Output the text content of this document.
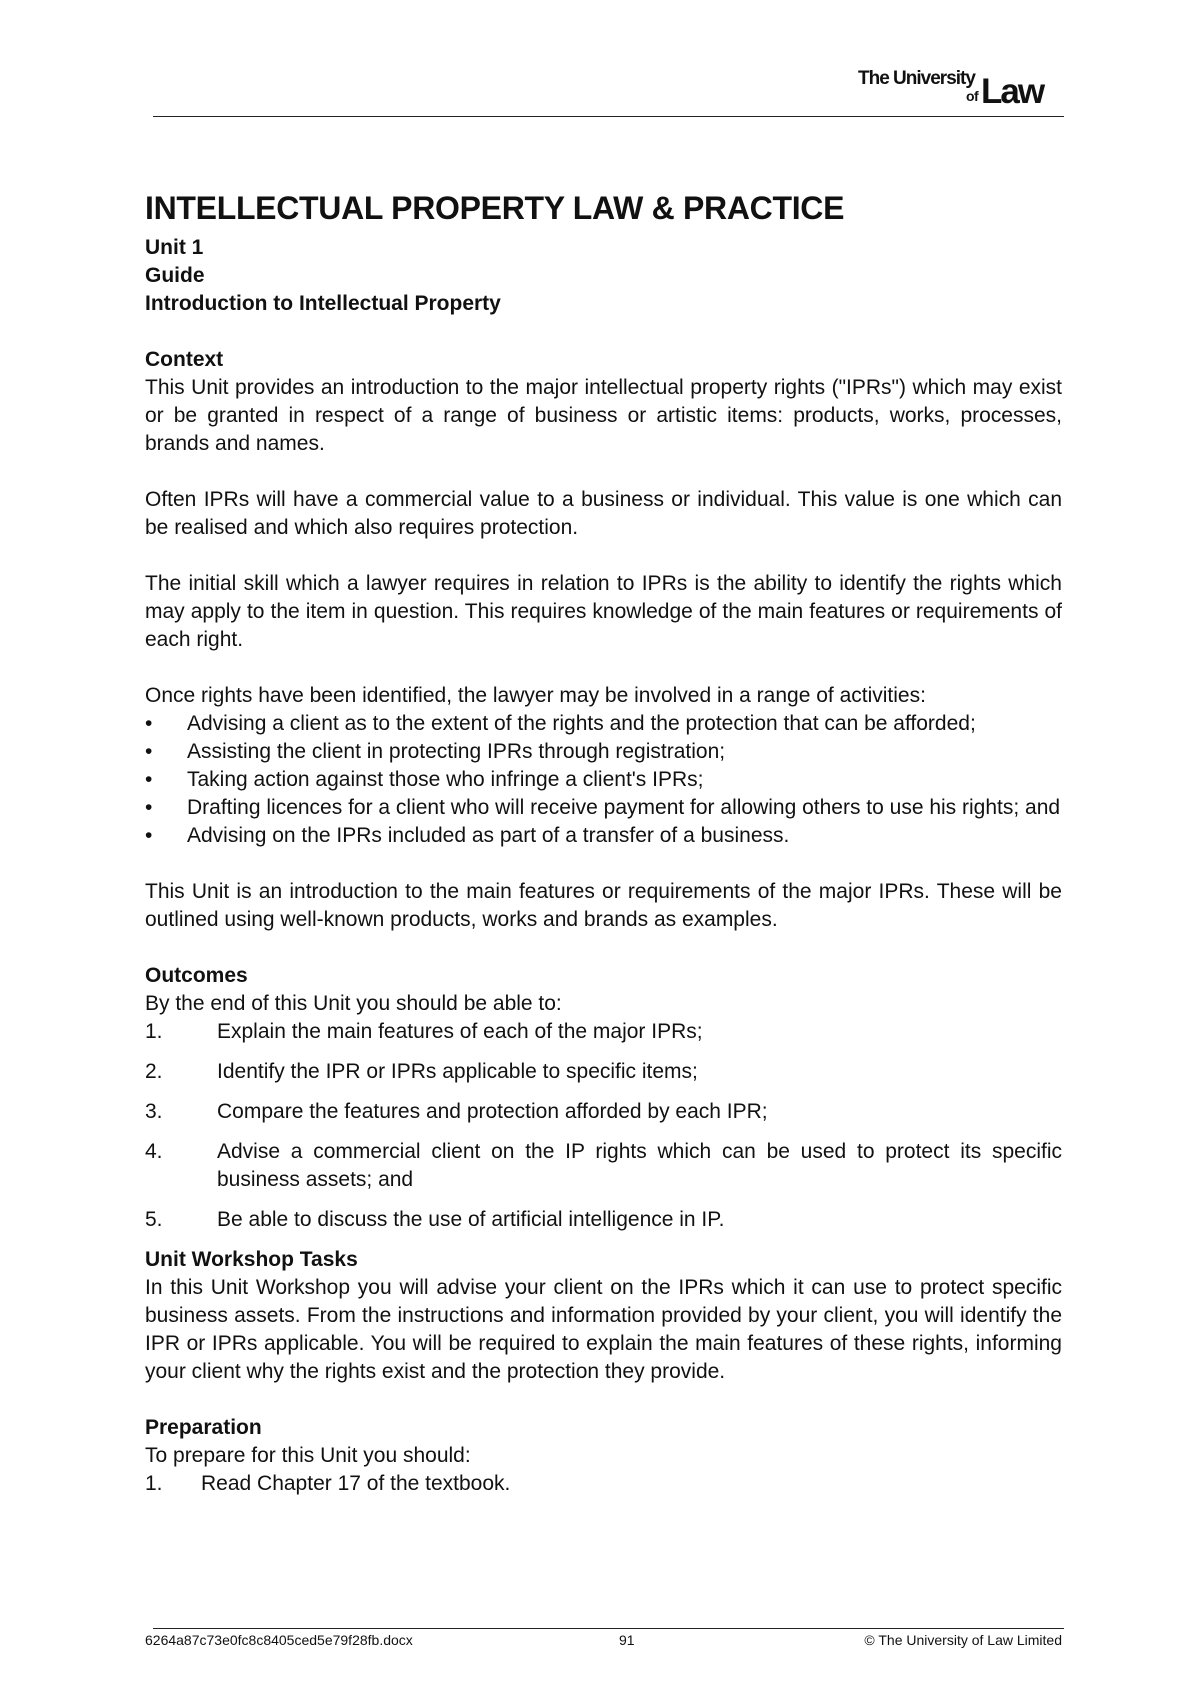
The University
of Law
INTELLECTUAL PROPERTY LAW & PRACTICE
Unit 1
Guide
Introduction to Intellectual Property
Context

This Unit provides an introduction to the major intellectual property rights ("IPRs") which may exist or be granted in respect of a range of business or artistic items: products, works, processes, brands and names.

Often IPRs will have a commercial value to a business or individual. This value is one which can be realised and which also requires protection.

The initial skill which a lawyer requires in relation to IPRs is the ability to identify the rights which may apply to the item in question. This requires knowledge of the main features or requirements of each right.

Once rights have been identified, the lawyer may be involved in a range of activities:

• Advising a client as to the extent of the rights and the protection that can be afforded;
• Assisting the client in protecting IPRs through registration;
• Taking action against those who infringe a client's IPRs;
• Drafting licences for a client who will receive payment for allowing others to use his rights; and
• Advising on the IPRs included as part of a transfer of a business.

This Unit is an introduction to the main features or requirements of the major IPRs. These will be outlined using well-known products, works and brands as examples.

Outcomes

By the end of this Unit you should be able to:

1.	Explain the main features of each of the major IPRs;
2.	Identify the IPR or IPRs applicable to specific items;
3.	Compare the features and protection afforded by each IPR;
4.	Advise a commercial client on the IP rights which can be used to protect its specific business assets; and
5.	Be able to discuss the use of artificial intelligence in IP.
Unit Workshop Tasks

In this Unit Workshop you will advise your client on the IPRs which it can use to protect specific business assets. From the instructions and information provided by your client, you will identify the IPR or IPRs applicable. You will be required to explain the main features of these rights, informing your client why the rights exist and the protection they provide.

Preparation

To prepare for this Unit you should:

1. Read Chapter 17 of the textbook.
6264a87c73e0fc8c8405ced5e79f28fb.docx	91	© The University of Law Limited
